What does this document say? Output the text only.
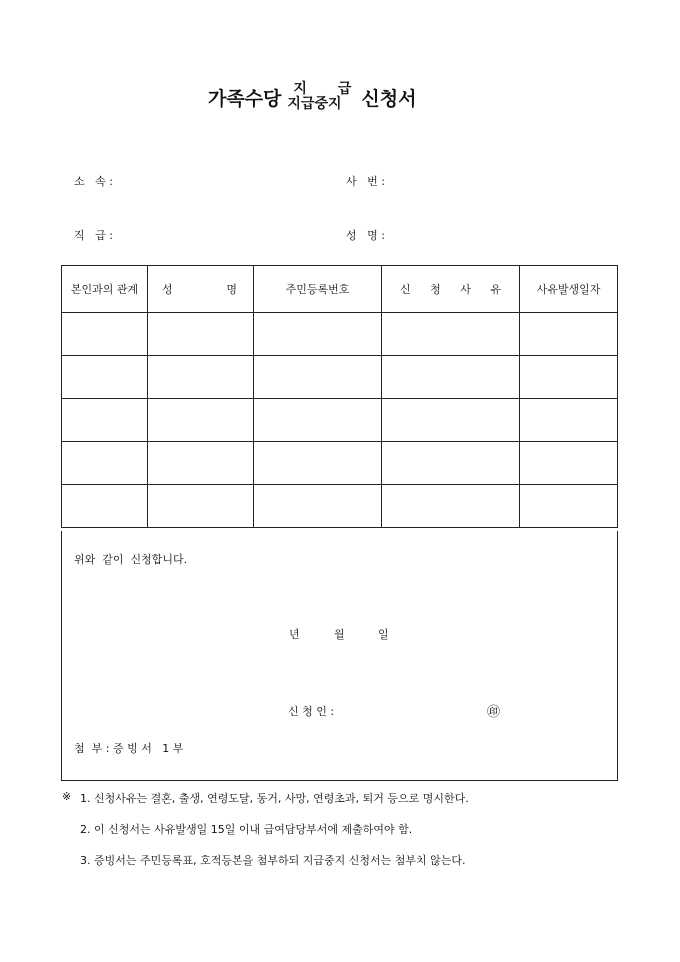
가족수당 지 급
지급중지	신청서
소   속 :	사   번 :
직   급 :	성   명 :
본인과의 관계	성 명	주민등록번호	신 청 사 유	사유발생일자

위와  같이  신청합니다.
년	월	일
신 청 인 :	㊞
첨  부 : 증 빙 서   1 부
※ 1. 신청사유는 결혼, 출생, 연령도달, 동거, 사망, 연령초과, 퇴거 등으로 명시한다.
2. 이 신청서는 사유발생일 15일 이내 급여담당부서에 제출하여야 함.
3. 증빙서는 주민등록표, 호적등본을 첨부하되 지급중지 신청서는 첨부치 않는다.
